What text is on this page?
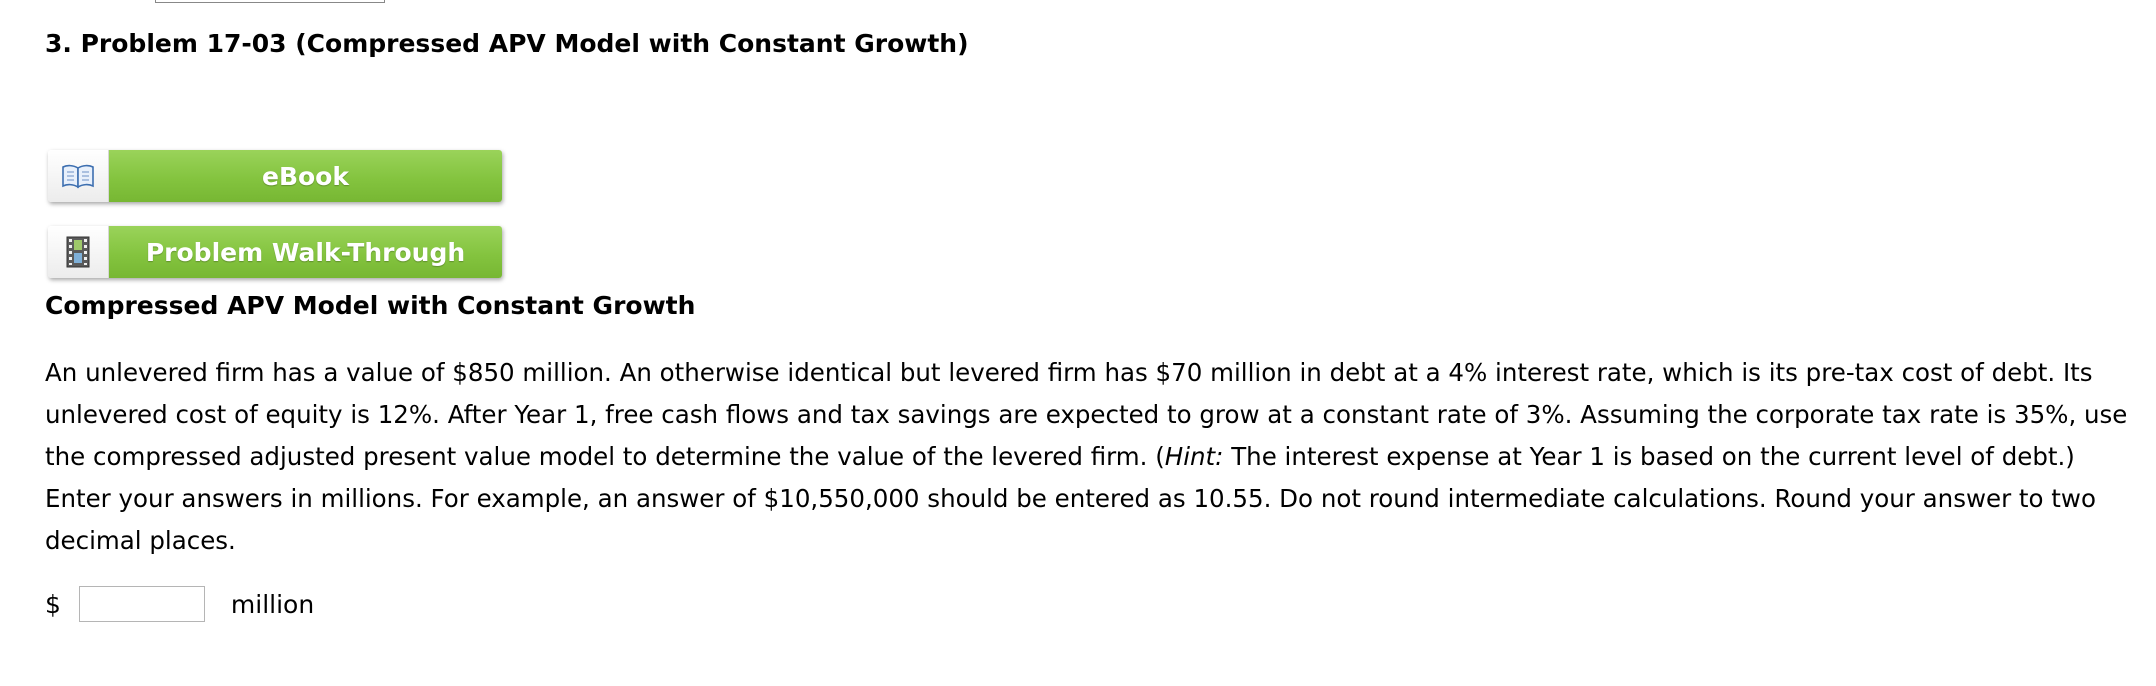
3. Problem 17-03 (Compressed APV Model with Constant Growth)
eBook
Problem Walk-Through
Compressed APV Model with Constant Growth
An unlevered firm has a value of $850 million. An otherwise identical but levered firm has $70 million in debt at a 4% interest rate, which is its pre-tax cost of debt. Its unlevered cost of equity is 12%. After Year 1, free cash flows and tax savings are expected to grow at a constant rate of 3%. Assuming the corporate tax rate is 35%, use the compressed adjusted present value model to determine the value of the levered firm. (Hint: The interest expense at Year 1 is based on the current level of debt.) Enter your answers in millions. For example, an answer of $10,550,000 should be entered as 10.55. Do not round intermediate calculations. Round your answer to two decimal places.
$	million
